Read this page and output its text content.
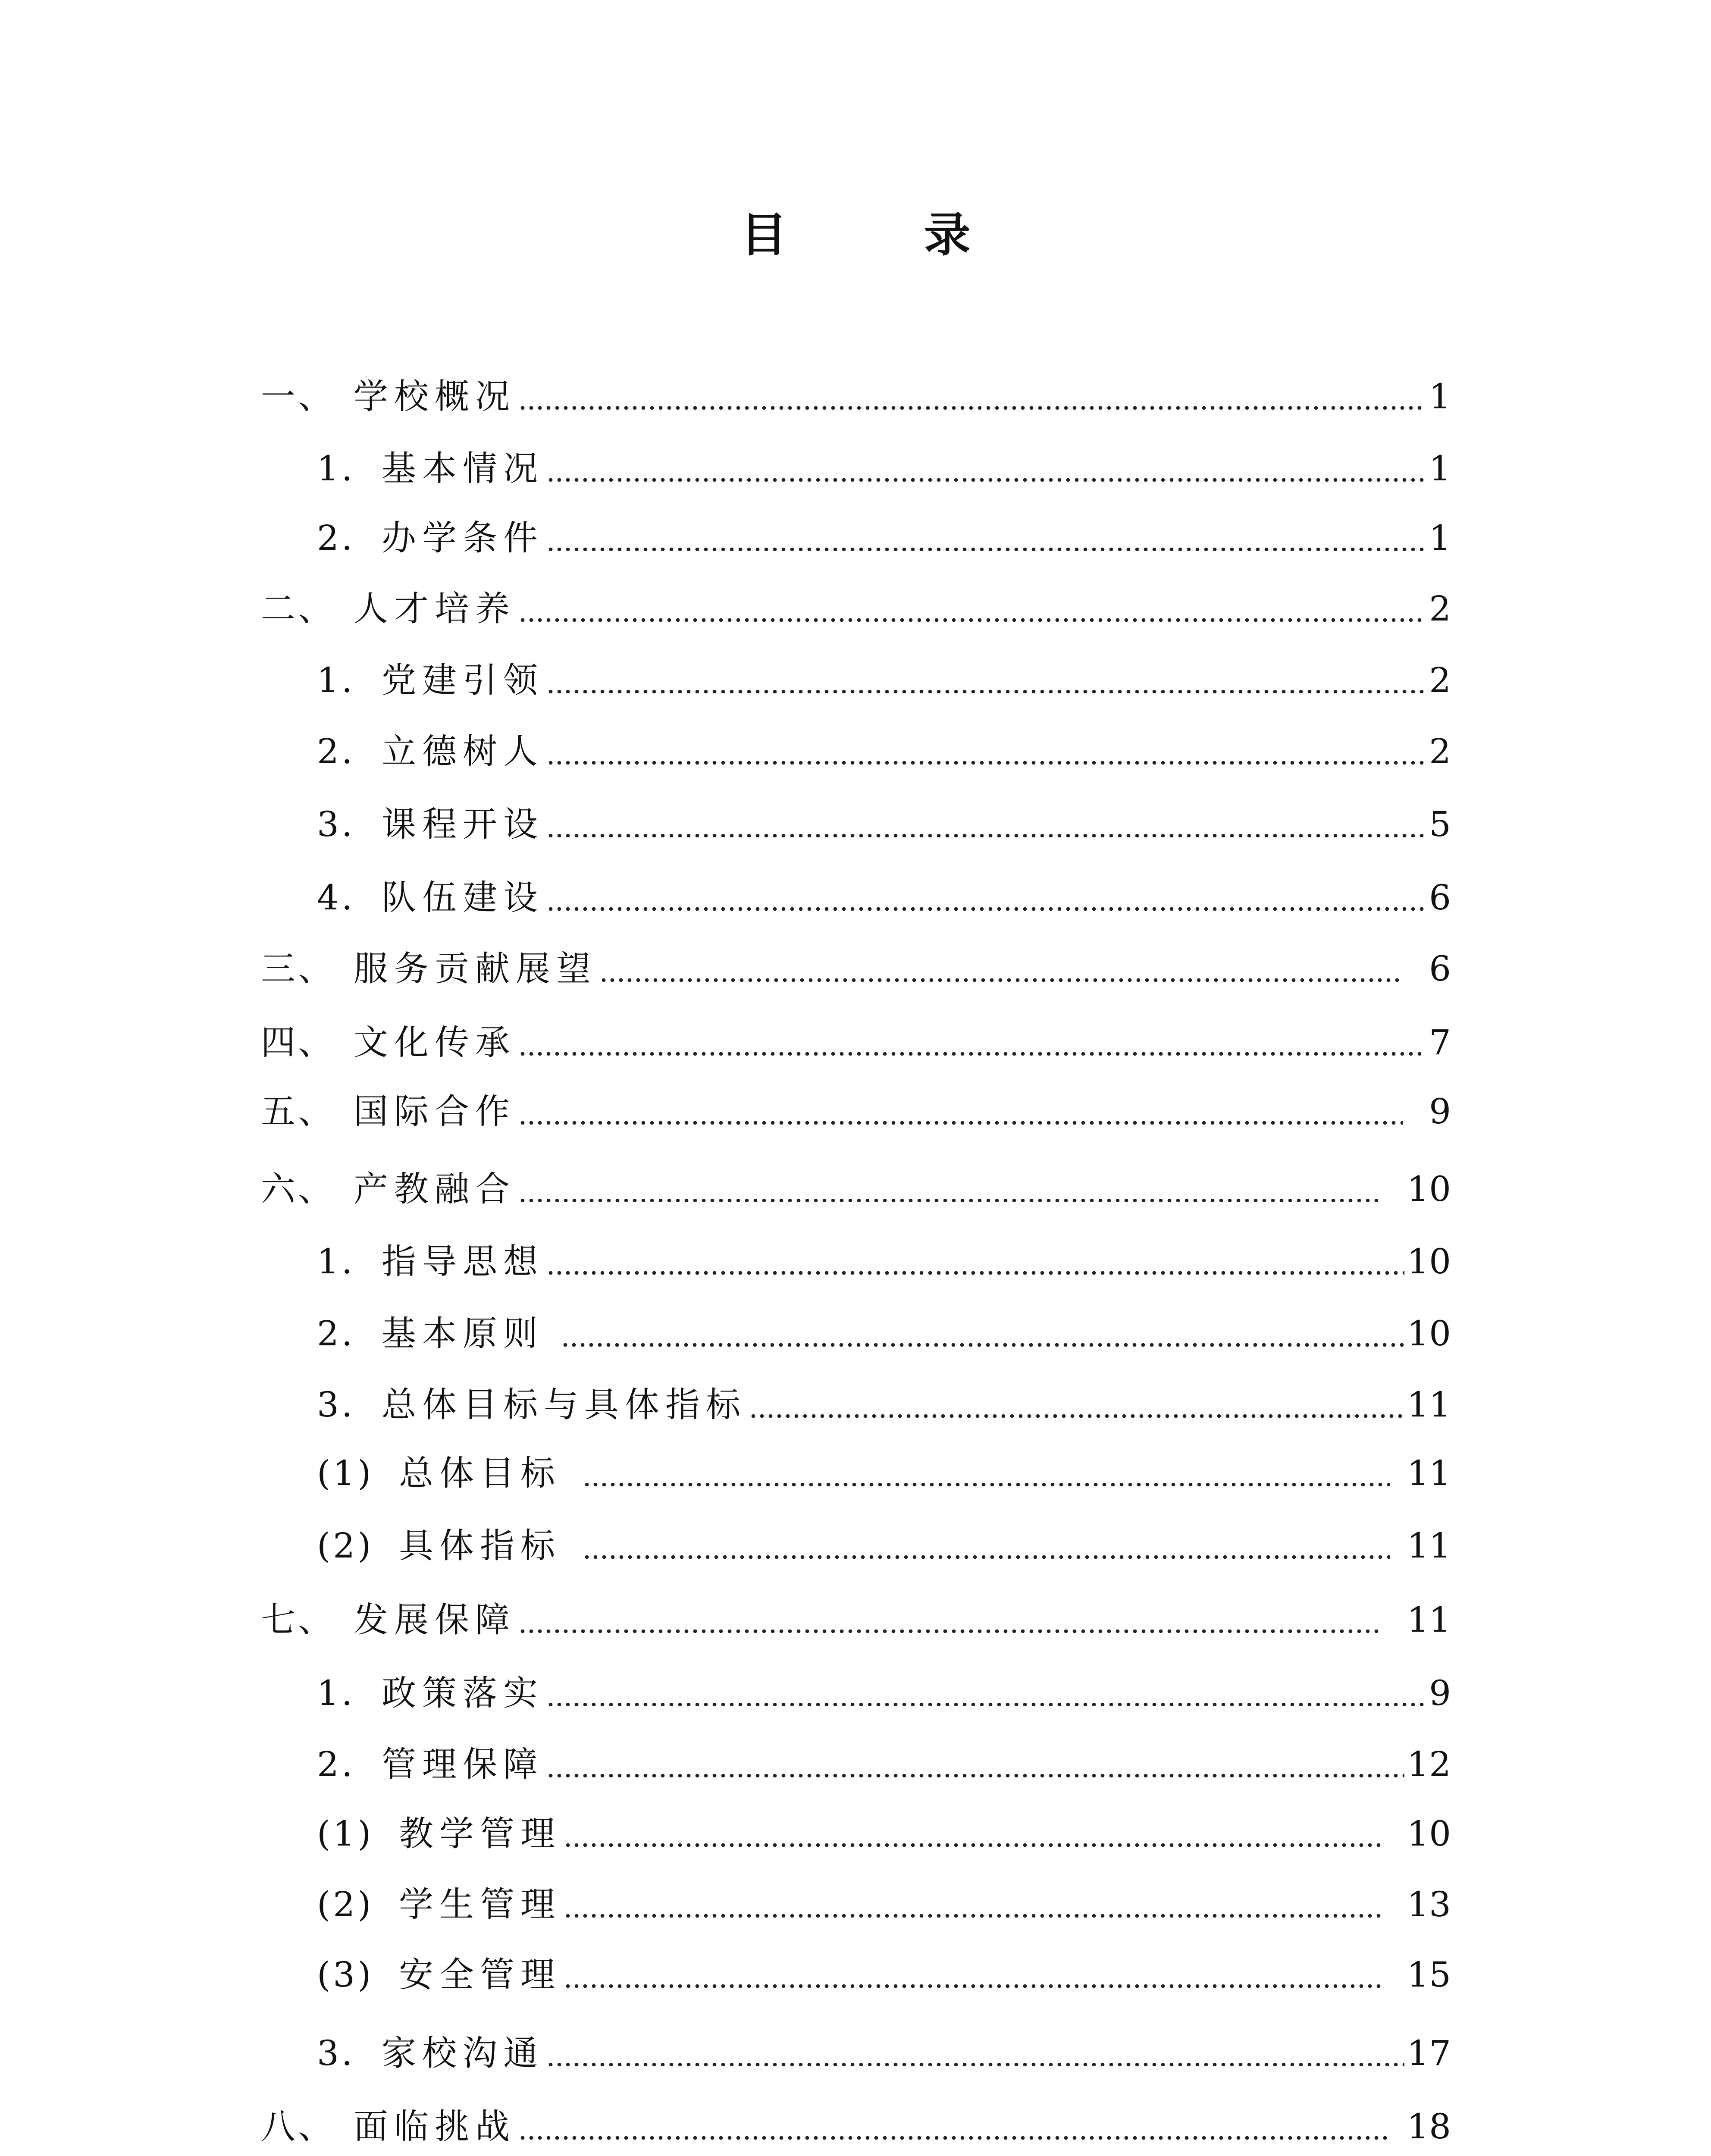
目 录
一、 学校概况	1
1. 基本情况	1
2. 办学条件	1
二、 人才培养	2
1. 党建引领	2
2. 立德树人	2
3. 课程开设	5
4. 队伍建设	6
三、 服务贡献展望	6
四、 文化传承	7
五、 国际合作	9
六、 产教融合	10
1. 指导思想	10
2. 基本原则	10
3. 总体目标与具体指标	11
(1) 总体目标	11
(2) 具体指标	11
七、 发展保障	11
1. 政策落实	9
2. 管理保障	12
(1) 教学管理	10
(2) 学生管理	13
(3) 安全管理	15
3. 家校沟通	17
八、 面临挑战	18
